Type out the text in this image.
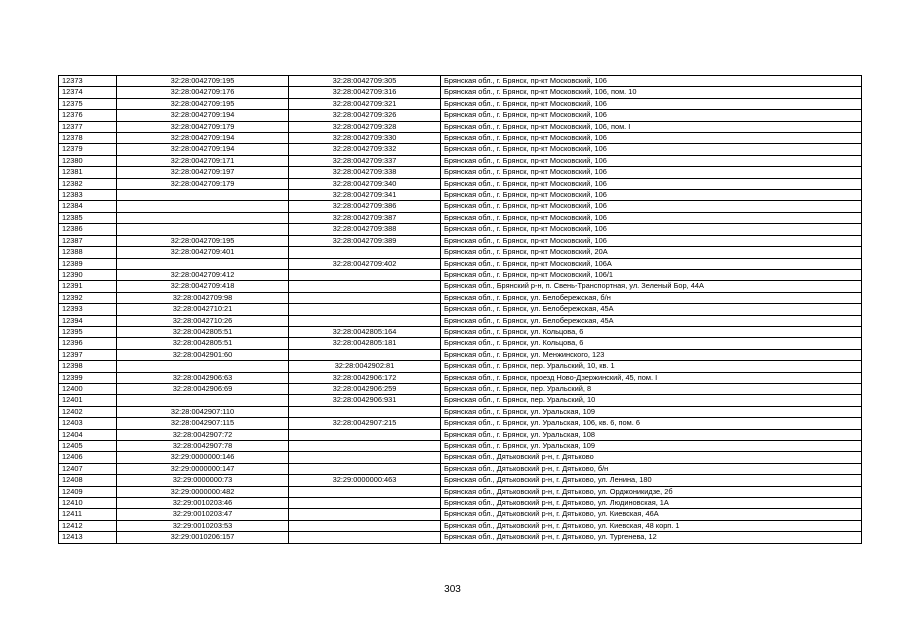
12373	32:28:0042709:195	32:28:0042709:305	Брянская обл., г. Брянск, пр-кт Московский, 106
12374	32:28:0042709:176	32:28:0042709:316	Брянская обл., г. Брянск, пр-кт Московский, 106, пом. 10
12375	32:28:0042709:195	32:28:0042709:321	Брянская обл., г. Брянск, пр-кт Московский, 106
12376	32:28:0042709:194	32:28:0042709:326	Брянская обл., г. Брянск, пр-кт Московский, 106
12377	32:28:0042709:179	32:28:0042709:328	Брянская обл., г. Брянск, пр-кт Московский, 106, пом. I
12378	32:28:0042709:194	32:28:0042709:330	Брянская обл., г. Брянск, пр-кт Московский, 106
12379	32:28:0042709:194	32:28:0042709:332	Брянская обл., г. Брянск, пр-кт Московский, 106
12380	32:28:0042709:171	32:28:0042709:337	Брянская обл., г. Брянск, пр-кт Московский, 106
12381	32:28:0042709:197	32:28:0042709:338	Брянская обл., г. Брянск, пр-кт Московский, 106
12382	32:28:0042709:179	32:28:0042709:340	Брянская обл., г. Брянск, пр-кт Московский, 106
12383		32:28:0042709:341	Брянская обл., г. Брянск, пр-кт Московский, 106
12384		32:28:0042709:386	Брянская обл., г. Брянск, пр-кт Московский, 106
12385		32:28:0042709:387	Брянская обл., г. Брянск, пр-кт Московский, 106
12386		32:28:0042709:388	Брянская обл., г. Брянск, пр-кт Московский, 106
12387	32:28:0042709:195	32:28:0042709:389	Брянская обл., г. Брянск, пр-кт Московский, 106
12388	32:28:0042709:401		Брянская обл., г. Брянск, пр-кт Московский, 20А
12389		32:28:0042709:402	Брянская обл., г. Брянск, пр-кт Московский, 106А
12390	32:28:0042709:412		Брянская обл., г. Брянск, пр-кт Московский, 106/1
12391	32:28:0042709:418		Брянская обл., Брянский р-н, п. Свень-Транспортная, ул. Зеленый Бор, 44А
12392	32:28:0042709:98		Брянская обл., г. Брянск, ул. Белобережская, б/н
12393	32:28:0042710:21		Брянская обл., г. Брянск, ул. Белобережская, 45А
12394	32:28:0042710:26		Брянская обл., г. Брянск, ул. Белобережская, 45А
12395	32:28:0042805:51	32:28:0042805:164	Брянская обл., г. Брянск, ул. Кольцова, 6
12396	32:28:0042805:51	32:28:0042805:181	Брянская обл., г. Брянск, ул. Кольцова, 6
12397	32:28:0042901:60		Брянская обл., г. Брянск, ул. Менжинского, 123
12398		32:28:0042902:81	Брянская обл., г. Брянск, пер. Уральский, 10, кв. 1
12399	32:28:0042906:63	32:28:0042906:172	Брянская обл., г. Брянск, проезд Ново-Дзержинский, 45, пом. I
12400	32:28:0042906:69	32:28:0042906:259	Брянская обл., г. Брянск, пер. Уральский, 8
12401		32:28:0042906:931	Брянская обл., г. Брянск, пер. Уральский, 10
12402	32:28:0042907:110		Брянская обл., г. Брянск, ул. Уральская, 109
12403	32:28:0042907:115	32:28:0042907:215	Брянская обл., г. Брянск, ул. Уральская, 106, кв. 6, пом. 6
12404	32:28:0042907:72		Брянская обл., г. Брянск, ул. Уральская, 108
12405	32:28:0042907:78		Брянская обл., г. Брянск, ул. Уральская, 109
12406	32:29:0000000:146		Брянская обл., Дятьковский р-н, г. Дятьково
12407	32:29:0000000:147		Брянская обл., Дятьковский р-н, г. Дятьково, б/н
12408	32:29:0000000:73	32:29:0000000:463	Брянская обл., Дятьковский р-н, г. Дятьково, ул. Ленина, 180
12409	32:29:0000000:482		Брянская обл., Дятьковский р-н, г. Дятьково, ул. Орджоникидзе, 2б
12410	32:29:0010203:46		Брянская обл., Дятьковский р-н, г. Дятьково, ул. Людиновская, 1А
12411	32:29:0010203:47		Брянская обл., Дятьковский р-н, г. Дятьково, ул. Киевская, 46А
12412	32:29:0010203:53		Брянская обл., Дятьковский р-н, г. Дятьково, ул. Киевская, 48 корп. 1
12413	32:29:0010206:157		Брянская обл., Дятьковский р-н, г. Дятьково, ул. Тургенева, 12
303
